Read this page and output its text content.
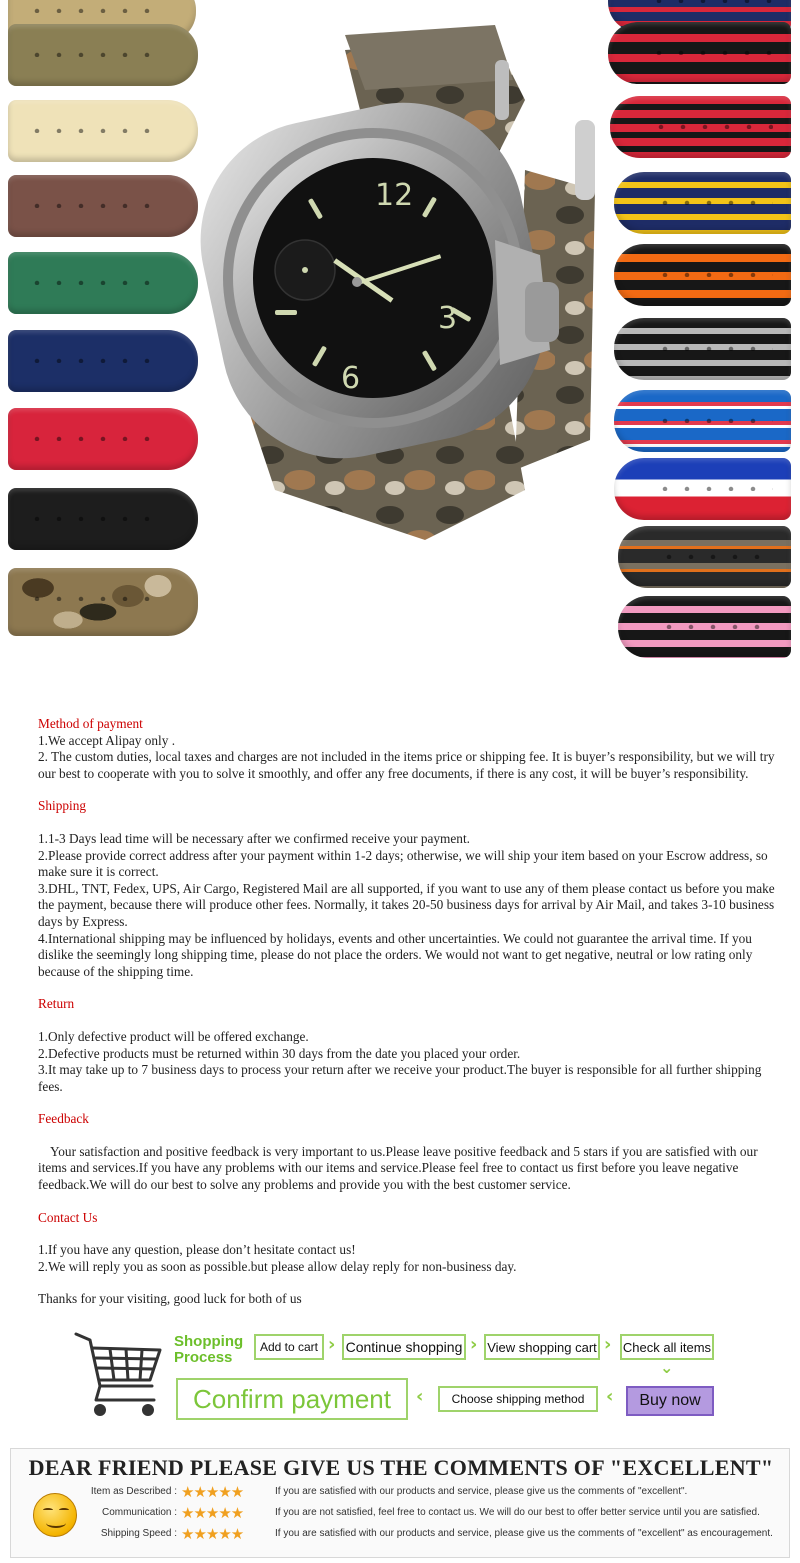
12
3
6
Method of payment

1.We accept Alipay only .

2. The custom duties, local taxes and charges are not included in the items price or shipping fee. It is buyer’s responsibility, but we will try our best to cooperate with you to solve it smoothly, and offer any free documents, if there is any cost, it will be buyer’s responsibility.

Shipping

1.1-3 Days lead time will be necessary after we confirmed receive your payment.

2.Please provide correct address after your payment within 1-2 days; otherwise, we will ship your item based on your Escrow address, so make sure it is correct.

3.DHL, TNT, Fedex, UPS, Air Cargo, Registered Mail are all supported, if you want to use any of them please contact us before you make the payment, because there will produce other fees. Normally, it takes 20-50 business days for arrival by Air Mail, and takes 3-10 business days by Express.

4.International shipping may be influenced by holidays, events and other uncertainties. We could not guarantee the arrival time. If you dislike the seemingly long shipping time, please do not place the orders. We would not want to get negative, neutral or low rating only because of the shipping time.

Return

1.Only defective product will be offered exchange.

2.Defective products must be returned within 30 days from the date you placed your order.

3.It may take up to 7 business days to process your return after we receive your product.The buyer is responsible for all further shipping fees.

Feedback

Your satisfaction and positive feedback is very important to us.Please leave positive feedback and 5 stars if you are satisfied with our items and services.If you have any problems with our items and service.Please feel free to contact us first before you leave negative feedback.We will do our best to solve any problems and provide you with the best customer service.

Contact Us

1.If you have any question, please don’t hesitate contact us!

2.We will reply you as soon as possible.but please allow delay reply for non-business day.

Thanks for your visiting, good luck for both of us

Shopping
Process
Add to cart › Continue shopping › View shopping cart › Check all items
⌄
Confirm payment	‹	Choose shipping method	‹	Buy now
DEAR FRIEND PLEASE GIVE US THE COMMENTS OF "EXCELLENT"
Item as Described : ★★★★★	If you are satisfied with our products and service, please give us the comments of "excellent".
Communication : ★★★★★	If you are not satisfied, feel free to contact us. We will do our best to offer better service until you are satisfied.
Shipping Speed : ★★★★★	If you are satisfied with our products and service, please give us the comments of "excellent" as encouragement.
